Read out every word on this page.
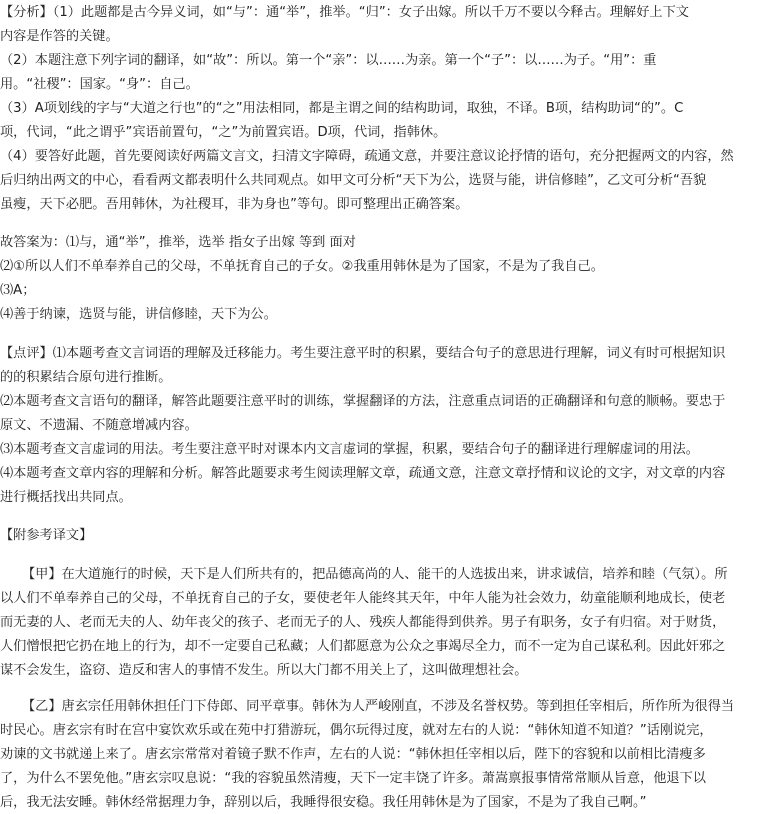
【分析】（1）此题都是古今异义词，如“与”：通“举”，推举。“归”：女子出嫁。所以千万不要以今释古。理解好上下文
内容是作答的关键。
（2）本题注意下列字词的翻译，如“故”：所以。第一个“亲”：以……为亲。第一个“子”：以……为子。“用”：重
用。“社稷”：国家。“身”：自己。
（3）A项划线的字与“大道之行也”的“之”用法相同，都是主谓之间的结构助词，取独，不译。B项，结构助词“的”。C
项，代词，“此之谓乎”宾语前置句，“之”为前置宾语。D项，代词，指韩休。
（4）要答好此题，首先要阅读好两篇文言文，扫清文字障碍，疏通文意，并要注意议论抒情的语句，充分把握两文的内容，然
后归纳出两文的中心，看看两文都表明什么共同观点。如甲文可分析“天下为公，选贤与能，讲信修睦”，乙文可分析“吾貌
虽瘦，天下必肥。吾用韩休，为社稷耳，非为身也”等句。即可整理出正确答案。
故答案为：⑴与，通“举”，推举，选举 指女子出嫁 等到 面对
⑵①所以人们不单奉养自己的父母，不单抚育自己的子女。②我重用韩休是为了国家，不是为了我自己。
⑶A；
⑷善于纳谏，选贤与能，讲信修睦，天下为公。
【点评】⑴本题考查文言词语的理解及迁移能力。考生要注意平时的积累，要结合句子的意思进行理解，词义有时可根据知识
的的积累结合原句进行推断。
⑵本题考查文言语句的翻译，解答此题要注意平时的训练，掌握翻译的方法，注意重点词语的正确翻译和句意的顺畅。要忠于
原文、不遗漏、不随意增减内容。
⑶本题考查文言虚词的用法。考生要注意平时对课本内文言虚词的掌握，积累，要结合句子的翻译进行理解虚词的用法。
⑷本题考查文章内容的理解和分析。解答此题要求考生阅读理解文章，疏通文意，注意文章抒情和议论的文字，对文章的内容
进行概括找出共同点。
【附参考译文】
【甲】在大道施行的时候，天下是人们所共有的，把品德高尚的人、能干的人选拔出来，讲求诚信，培养和睦（气氛）。所
以人们不单奉养自己的父母，不单抚育自己的子女，要使老年人能终其天年，中年人能为社会效力，幼童能顺利地成长，使老
而无妻的人、老而无夫的人、幼年丧父的孩子、老而无子的人、残疾人都能得到供养。男子有职务，女子有归宿。对于财货，
人们憎恨把它扔在地上的行为，却不一定要自己私藏；人们都愿意为公众之事竭尽全力，而不一定为自己谋私利。因此奸邪之
谋不会发生，盗窃、造反和害人的事情不发生。所以大门都不用关上了，这叫做理想社会。
【乙】唐玄宗任用韩休担任门下侍郎、同平章事。韩休为人严峻刚直，不涉及名誉权势。等到担任宰相后，所作所为很得当
时民心。唐玄宗有时在宫中宴饮欢乐或在苑中打猎游玩，偶尔玩得过度，就对左右的人说：“韩休知道不知道？”话刚说完，
劝谏的文书就递上来了。唐玄宗常常对着镜子默不作声，左右的人说：“韩休担任宰相以后，陛下的容貌和以前相比清瘦多
了，为什么不罢免他。”唐玄宗叹息说：“我的容貌虽然清瘦，天下一定丰饶了许多。萧嵩禀报事情常常顺从旨意，他退下以
后，我无法安睡。韩休经常据理力争，辞别以后，我睡得很安稳。我任用韩休是为了国家，不是为了我自己啊。”
